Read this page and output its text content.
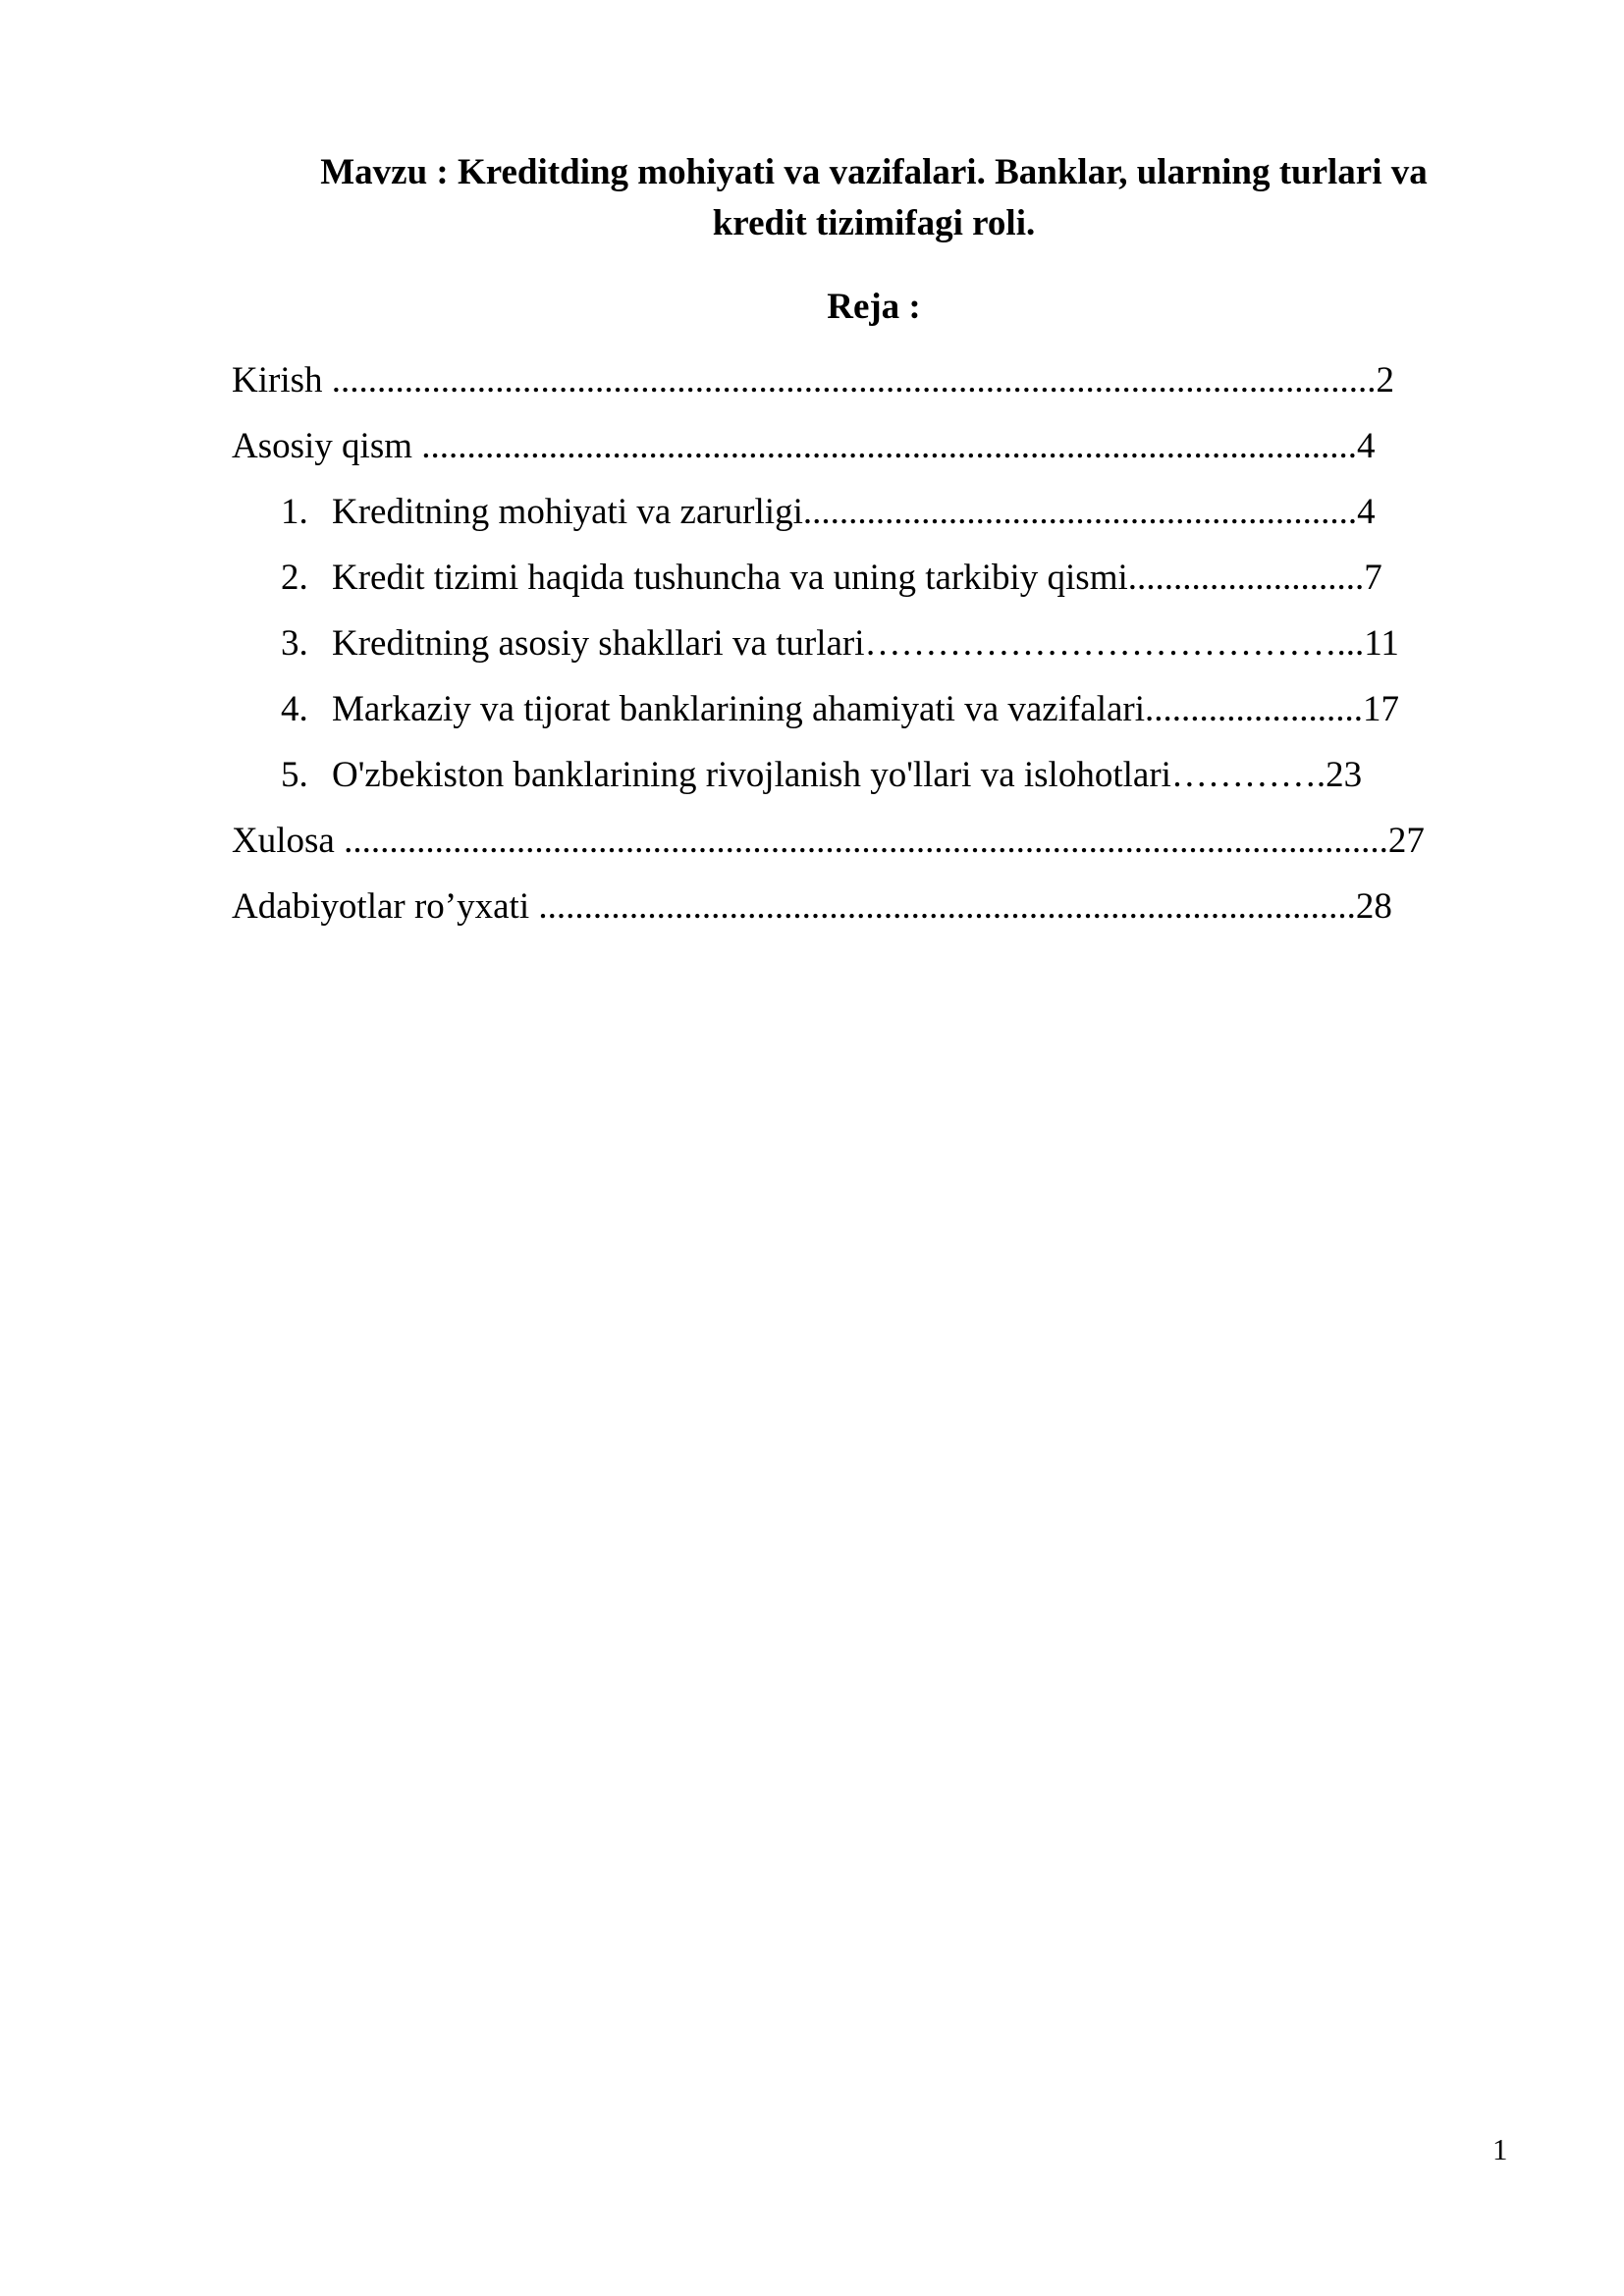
Mavzu : Kreditding mohiyati va vazifalari. Banklar, ularning turlari va
kredit tizimifagi roli.
Reja :
Kirish ...................................................................................................................2
Asosiy qism .......................................................................................................4
1. Kreditning mohiyati va zarurligi.............................................................4
2. Kredit tizimi haqida tushuncha va uning tarkibiy qismi..........................7
3. Kreditning asosiy shakllari va turlari…………………………………...11
4. Markaziy va tijorat banklarining ahamiyati va vazifalari........................17
5. O'zbekiston banklarining rivojlanish yo'llari va islohotlari………….23
Xulosa ...................................................................................................................27
Adabiyotlar ro’yxati ..........................................................................................28
1
